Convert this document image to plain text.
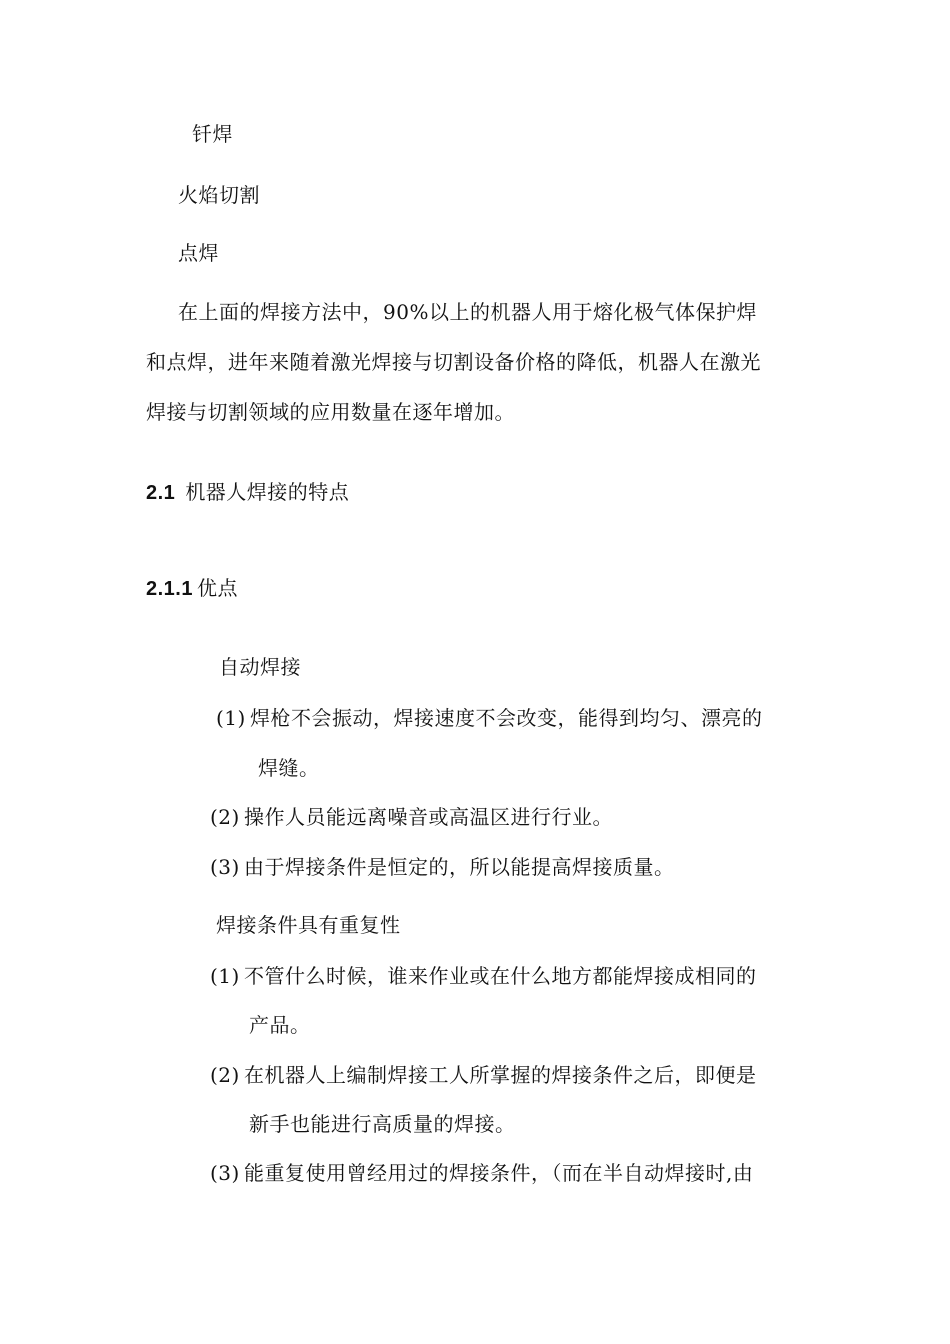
钎焊
火焰切割
点焊
在上面的焊接方法中，90%以上的机器人用于熔化极气体保护焊
和点焊，进年来随着激光焊接与切割设备价格的降低，机器人在激光
焊接与切割领域的应用数量在逐年增加。
2.1 机器人焊接的特点
2.1.1 优点
自动焊接
(1) 焊枪不会振动，焊接速度不会改变，能得到均匀、漂亮的
焊缝。
(2) 操作人员能远离噪音或高温区进行行业。
(3) 由于焊接条件是恒定的，所以能提高焊接质量。
焊接条件具有重复性
(1) 不管什么时候，谁来作业或在什么地方都能焊接成相同的
产品。
(2) 在机器人上编制焊接工人所掌握的焊接条件之后，即便是
新手也能进行高质量的焊接。
(3) 能重复使用曾经用过的焊接条件，（而在半自动焊接时,由
